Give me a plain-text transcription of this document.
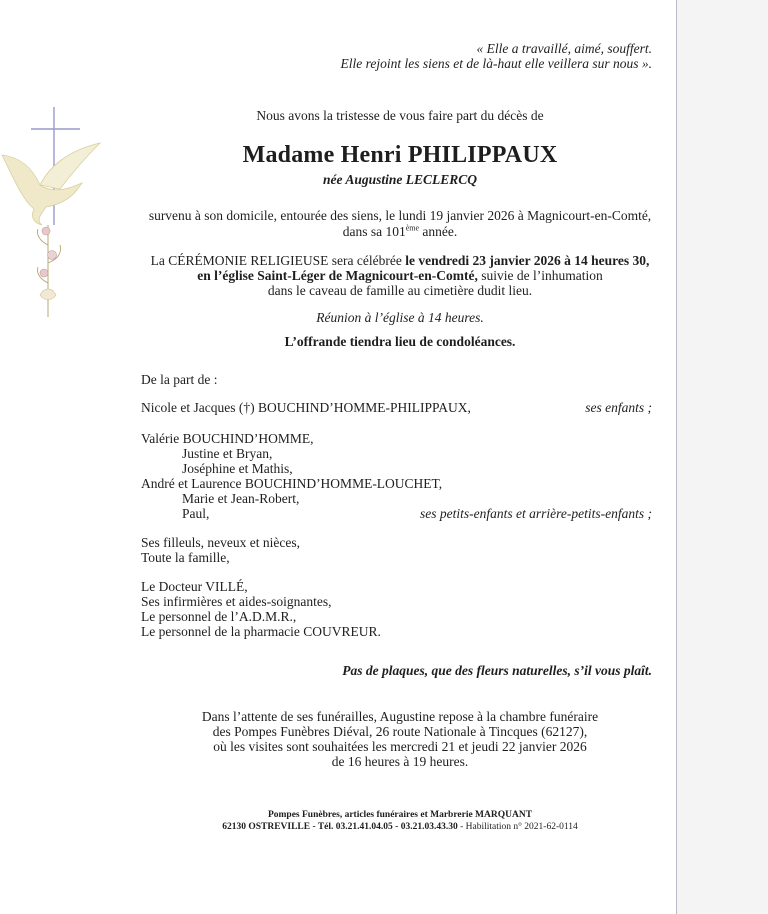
« Elle a travaillé, aimé, souffert.
Elle rejoint les siens et de là-haut elle veillera sur nous ».
Nous avons la tristesse de vous faire part du décès de
Madame Henri PHILIPPAUX
née Augustine LECLERCQ
survenu à son domicile, entourée des siens, le lundi 19 janvier 2026 à Magnicourt-en-Comté,
dans sa 101ème année.
La CÉRÉMONIE RELIGIEUSE sera célébrée le vendredi 23 janvier 2026 à 14 heures 30,
en l’église Saint-Léger de Magnicourt-en-Comté, suivie de l’inhumation
dans le caveau de famille au cimetière dudit lieu.
Réunion à l’église à 14 heures.
L’offrande tiendra lieu de condoléances.
De la part de :
Nicole et Jacques (†) BOUCHIND’HOMME-PHILIPPAUX,	ses enfants ;
Valérie BOUCHIND’HOMME,
Justine et Bryan,
Joséphine et Mathis,
André et Laurence BOUCHIND’HOMME-LOUCHET,
Marie et Jean-Robert,
Paul,	ses petits-enfants et arrière-petits-enfants ;
Ses filleuls, neveux et nièces,
Toute la famille,
Le Docteur VILLÉ,
Ses infirmières et aides-soignantes,
Le personnel de l’A.D.M.R.,
Le personnel de la pharmacie COUVREUR.
Pas de plaques, que des fleurs naturelles, s’il vous plaît.
Dans l’attente de ses funérailles, Augustine repose à la chambre funéraire
des Pompes Funèbres Diéval, 26 route Nationale à Tincques (62127),
où les visites sont souhaitées les mercredi 21 et jeudi 22 janvier 2026
de 16 heures à 19 heures.
Pompes Funèbres, articles funéraires et Marbrerie MARQUANT
62130 OSTREVILLE - Tél. 03.21.41.04.05 - 03.21.03.43.30 - Habilitation n° 2021-62-0114
